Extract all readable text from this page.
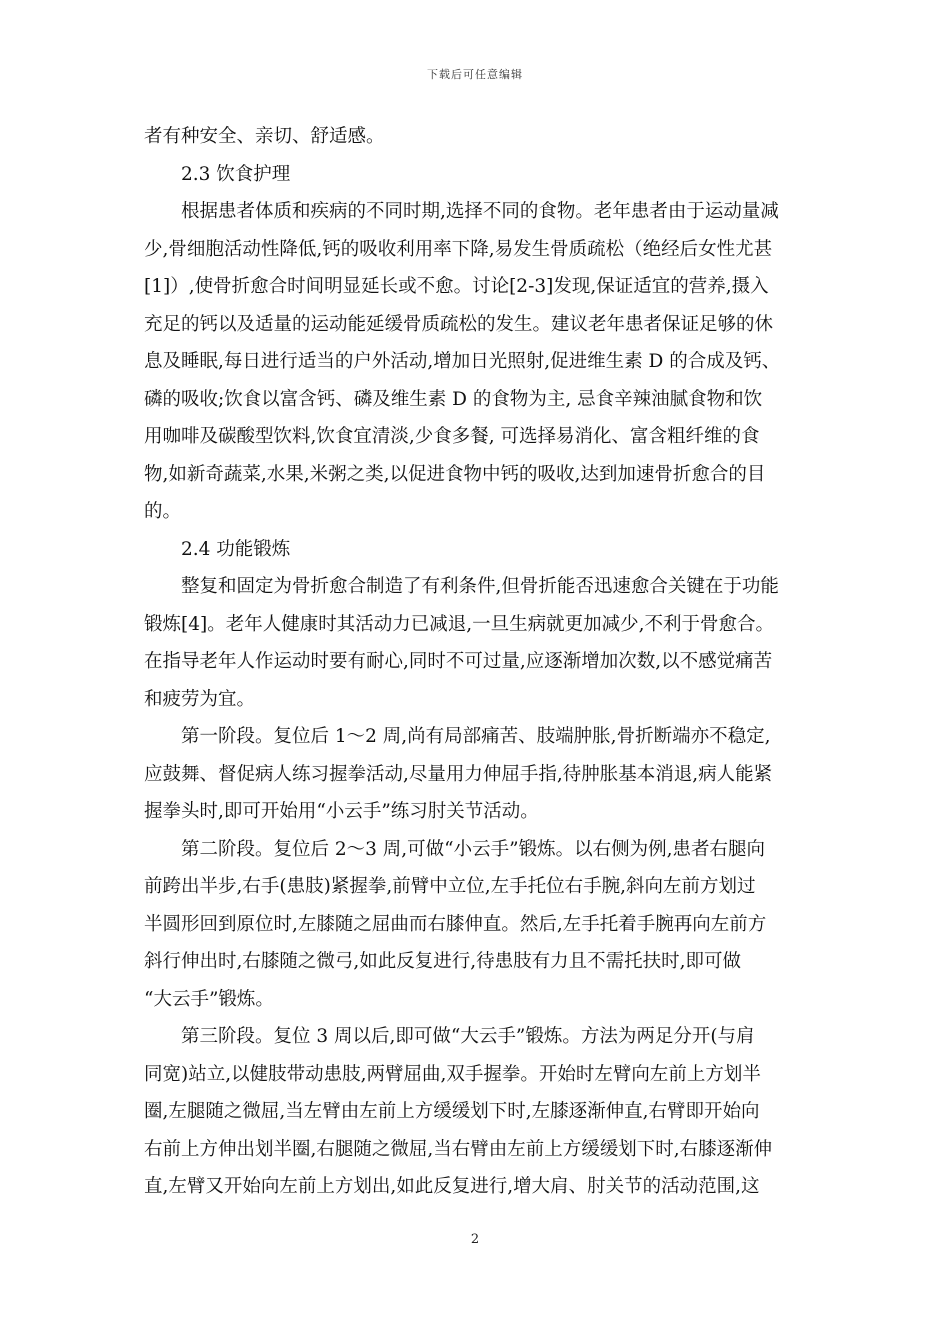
下载后可任意编辑
者有种安全、亲切、舒适感。
2.3 饮食护理
根据患者体质和疾病的不同时期,选择不同的食物。老年患者由于运动量减
少,骨细胞活动性降低,钙的吸收利用率下降,易发生骨质疏松（绝经后女性尤甚
[1]）,使骨折愈合时间明显延长或不愈。讨论[2-3]发现,保证适宜的营养,摄入
充足的钙以及适量的运动能延缓骨质疏松的发生。建议老年患者保证足够的休
息及睡眠,每日进行适当的户外活动,增加日光照射,促进维生素 D 的合成及钙、
磷的吸收;饮食以富含钙、磷及维生素 D 的食物为主, 忌食辛辣油腻食物和饮
用咖啡及碳酸型饮料,饮食宜清淡,少食多餐, 可选择易消化、富含粗纤维的食
物,如新奇蔬菜,水果,米粥之类,以促进食物中钙的吸收,达到加速骨折愈合的目
的。
2.4 功能锻炼
整复和固定为骨折愈合制造了有利条件,但骨折能否迅速愈合关键在于功能
锻炼[4]。老年人健康时其活动力已减退,一旦生病就更加减少,不利于骨愈合。
在指导老年人作运动时要有耐心,同时不可过量,应逐渐增加次数,以不感觉痛苦
和疲劳为宜。
第一阶段。复位后 1～2 周,尚有局部痛苦、肢端肿胀,骨折断端亦不稳定,
应鼓舞、督促病人练习握拳活动,尽量用力伸屈手指,待肿胀基本消退,病人能紧
握拳头时,即可开始用“小云手”练习肘关节活动。
第二阶段。复位后 2～3 周,可做“小云手”锻炼。以右侧为例,患者右腿向
前跨出半步,右手(患肢)紧握拳,前臂中立位,左手托位右手腕,斜向左前方划过
半圆形回到原位时,左膝随之屈曲而右膝伸直。然后,左手托着手腕再向左前方
斜行伸出时,右膝随之微弓,如此反复进行,待患肢有力且不需托扶时,即可做
“大云手”锻炼。
第三阶段。复位 3 周以后,即可做“大云手”锻炼。方法为两足分开(与肩
同宽)站立,以健肢带动患肢,两臂屈曲,双手握拳。开始时左臂向左前上方划半
圈,左腿随之微屈,当左臂由左前上方缓缓划下时,左膝逐渐伸直,右臂即开始向
右前上方伸出划半圈,右腿随之微屈,当右臂由左前上方缓缓划下时,右膝逐渐伸
直,左臂又开始向左前上方划出,如此反复进行,增大肩、肘关节的活动范围,这
2
